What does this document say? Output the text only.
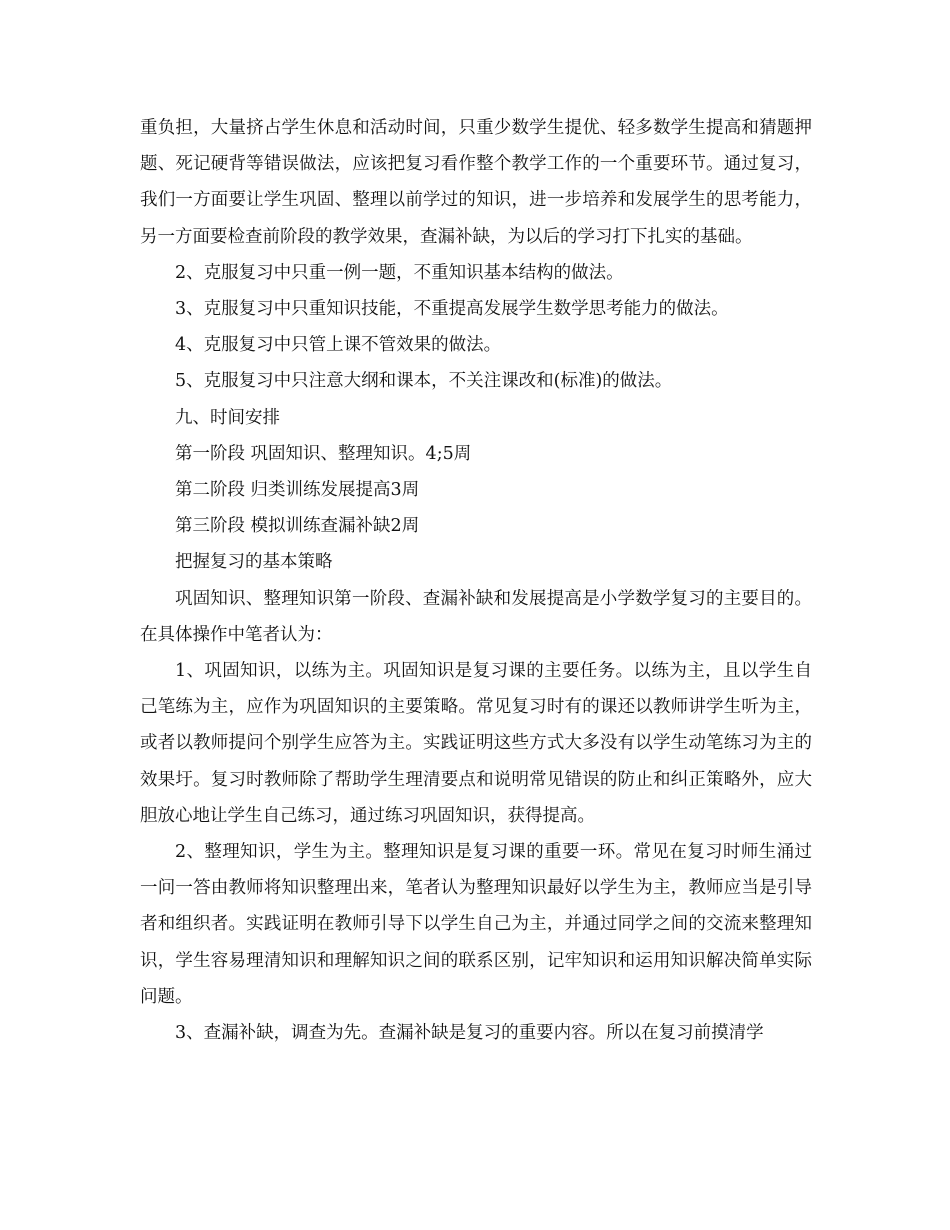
重负担，大量挤占学生休息和活动时间，只重少数学生提优、轻多数学生提高和猜题押题、死记硬背等错误做法，应该把复习看作整个教学工作的一个重要环节。通过复习，我们一方面要让学生巩固、整理以前学过的知识，进一步培养和发展学生的思考能力，另一方面要检查前阶段的教学效果，查漏补缺，为以后的学习打下扎实的基础。

2、克服复习中只重一例一题，不重知识基本结构的做法。

3、克服复习中只重知识技能，不重提高发展学生数学思考能力的做法。

4、克服复习中只管上课不管效果的做法。

5、克服复习中只注意大纲和课本，不关注课改和(标准)的做法。

九、时间安排

第一阶段 巩固知识、整理知识。4;5周

第二阶段 归类训练发展提高3周

第三阶段 模拟训练查漏补缺2周

把握复习的基本策略

巩固知识、整理知识第一阶段、查漏补缺和发展提高是小学数学复习的主要目的。在具体操作中笔者认为：

1、巩固知识，以练为主。巩固知识是复习课的主要任务。以练为主，且以学生自己笔练为主，应作为巩固知识的主要策略。常见复习时有的课还以教师讲学生听为主，或者以教师提问个别学生应答为主。实践证明这些方式大多没有以学生动笔练习为主的效果圩。复习时教师除了帮助学生理清要点和说明常见错误的防止和纠正策略外，应大胆放心地让学生自己练习，通过练习巩固知识，获得提高。

2、整理知识，学生为主。整理知识是复习课的重要一环。常见在复习时师生涌过一问一答由教师将知识整理出来，笔者认为整理知识最好以学生为主，教师应当是引导者和组织者。实践证明在教师引导下以学生自己为主，并通过同学之间的交流来整理知识，学生容易理清知识和理解知识之间的联系区别，记牢知识和运用知识解决简单实际问题。

3、查漏补缺，调查为先。查漏补缺是复习的重要内容。所以在复习前摸清学
